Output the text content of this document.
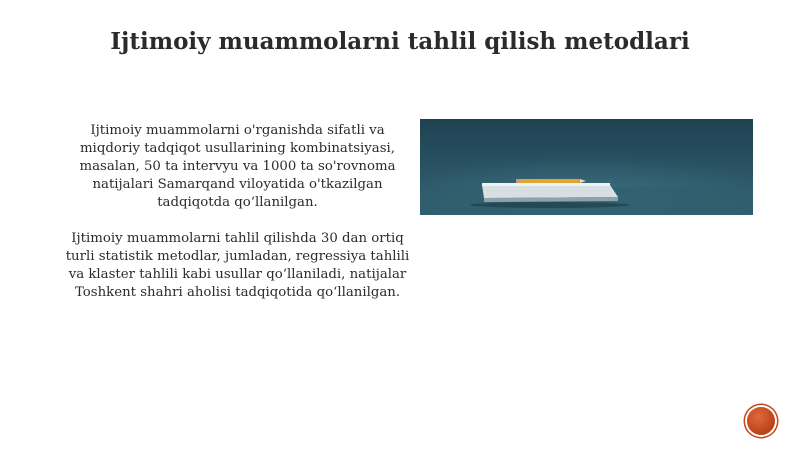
Ijtimoiy muammolarni tahlil qilish metodlari

Ijtimoiy muammolarni o'rganishda sifatli va miqdoriy tadqiqot usullarining kombinatsiyasi, masalan, 50 ta intervyu va 1000 ta so'rovnoma natijalari Samarqand viloyatida o'tkazilgan tadqiqotda qo‘llanilgan.

Ijtimoiy muammolarni tahlil qilishda 30 dan ortiq turli statistik metodlar, jumladan, regressiya tahlili va klaster tahlili kabi usullar qo‘llaniladi, natijalar Toshkent shahri aholisi tadqiqotida qo‘llanilgan.
